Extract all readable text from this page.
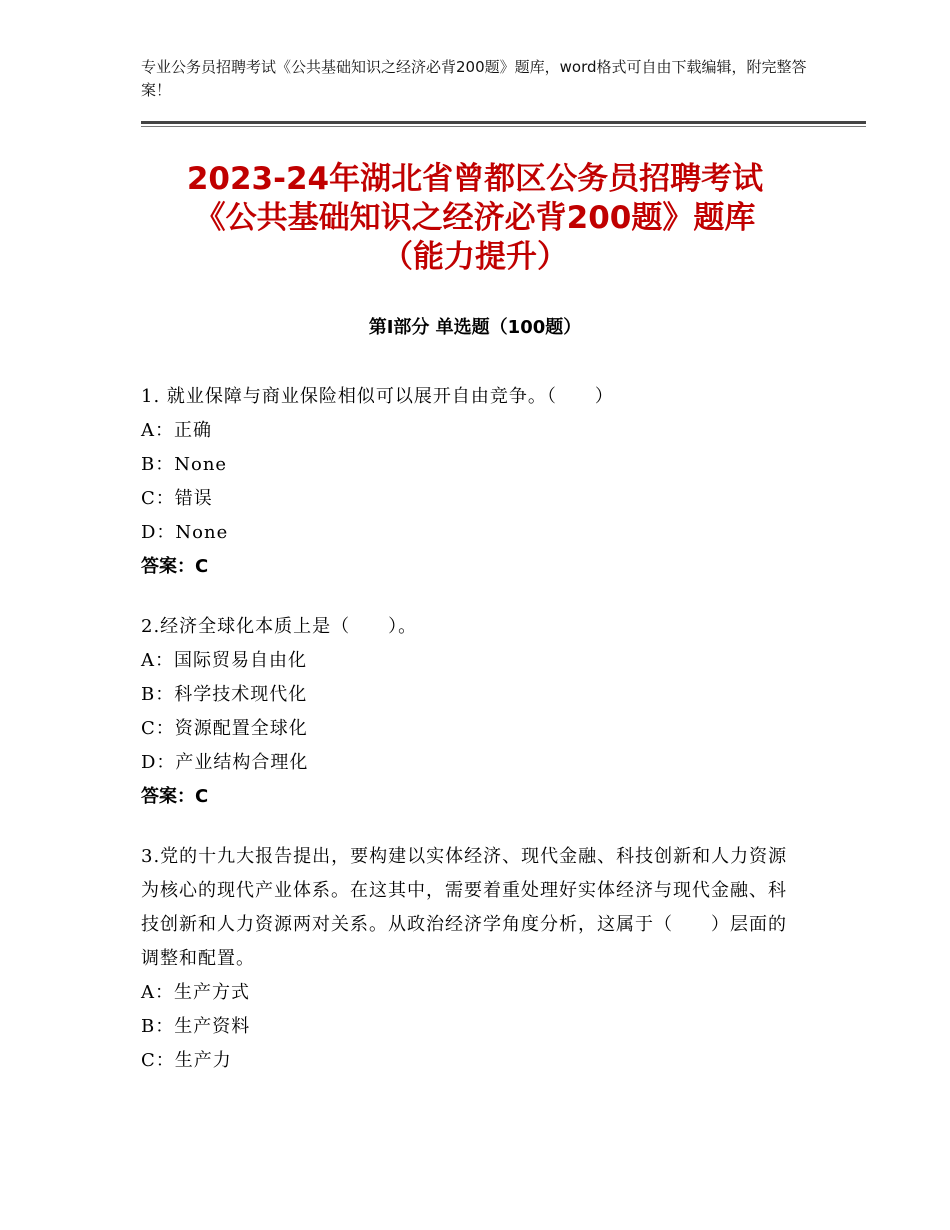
专业公务员招聘考试《公共基础知识之经济必背200题》题库，word格式可自由下载编辑，附完整答案！
2023-24年湖北省曾都区公务员招聘考试
《公共基础知识之经济必背200题》题库
（能力提升）
第I部分 单选题（100题）

1. 就业保障与商业保险相似可以展开自由竞争。（　　）

A：正确

B：None

C：错误

D：None

答案：C

2.经济全球化本质上是（　　）。

A：国际贸易自由化

B：科学技术现代化

C：资源配置全球化

D：产业结构合理化

答案：C

3.党的十九大报告提出，要构建以实体经济、现代金融、科技创新和人力资源为核心的现代产业体系。在这其中，需要着重处理好实体经济与现代金融、科技创新和人力资源两对关系。从政治经济学角度分析，这属于（　　）层面的调整和配置。

A：生产方式

B：生产资料

C：生产力
